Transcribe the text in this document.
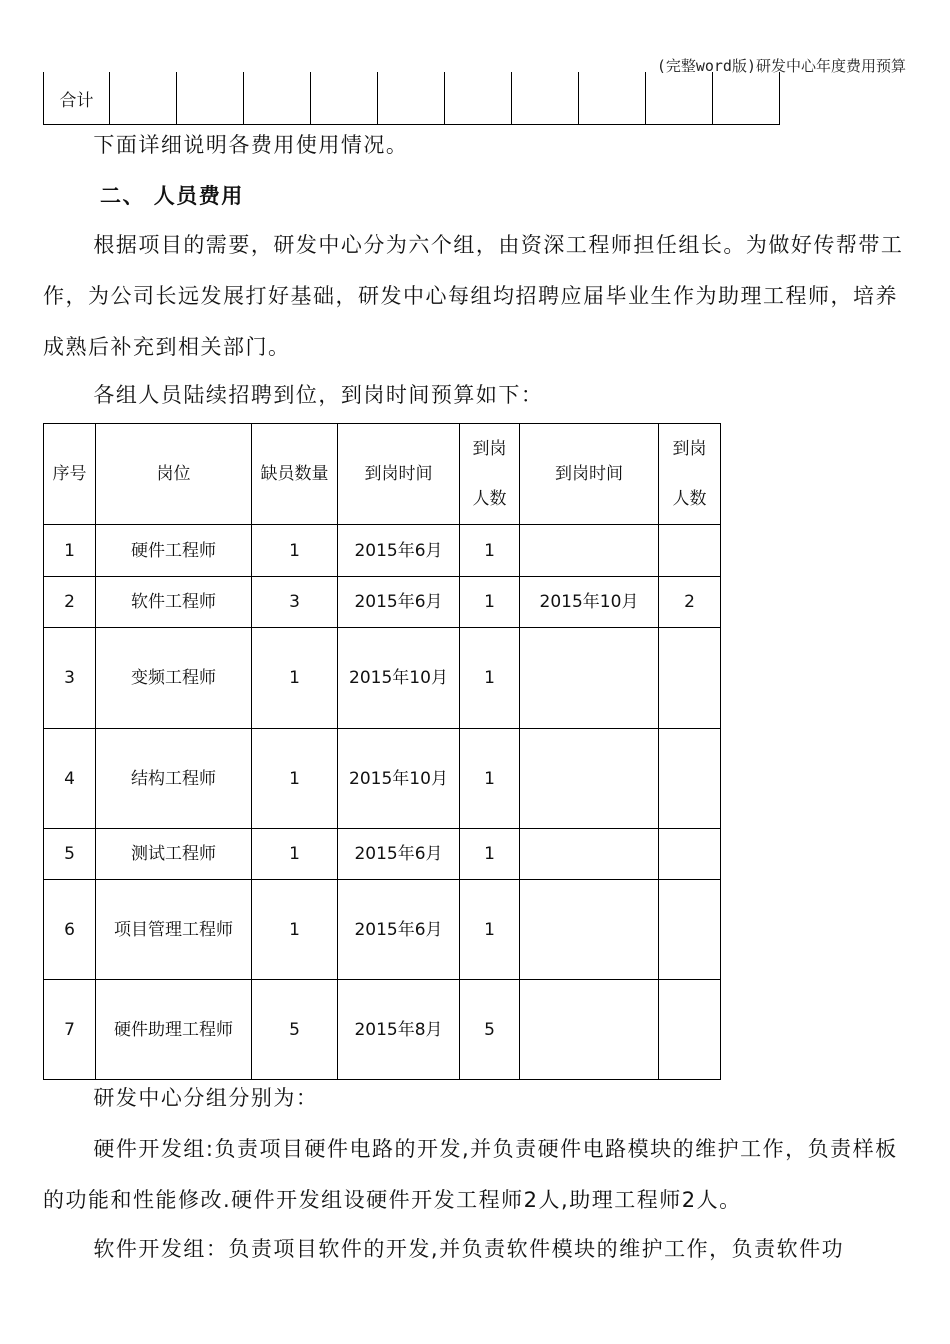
(完整word版)研发中心年度费用预算
合计										
下面详细说明各费用使用情况。
二、 人员费用
根据项目的需要，研发中心分为六个组，由资深工程师担任组长。为做好传帮带工作，为公司长远发展打好基础，研发中心每组均招聘应届毕业生作为助理工程师，培养成熟后补充到相关部门。
各组人员陆续招聘到位，到岗时间预算如下：
序号	岗位	缺员数量	到岗时间	到岗人数	到岗时间	到岗人数
1	硬件工程师	1	2015年6月	1		
2	软件工程师	3	2015年6月	1	2015年10月	2
3	变频工程师	1	2015年10月	1		
4	结构工程师	1	2015年10月	1		
5	测试工程师	1	2015年6月	1		
6	项目管理工程师	1	2015年6月	1		
7	硬件助理工程师	5	2015年8月	5		
研发中心分组分别为：
硬件开发组:负责项目硬件电路的开发,并负责硬件电路模块的维护工作，负责样板的功能和性能修改.硬件开发组设硬件开发工程师2人,助理工程师2人。
软件开发组：负责项目软件的开发,并负责软件模块的维护工作，负责软件功
